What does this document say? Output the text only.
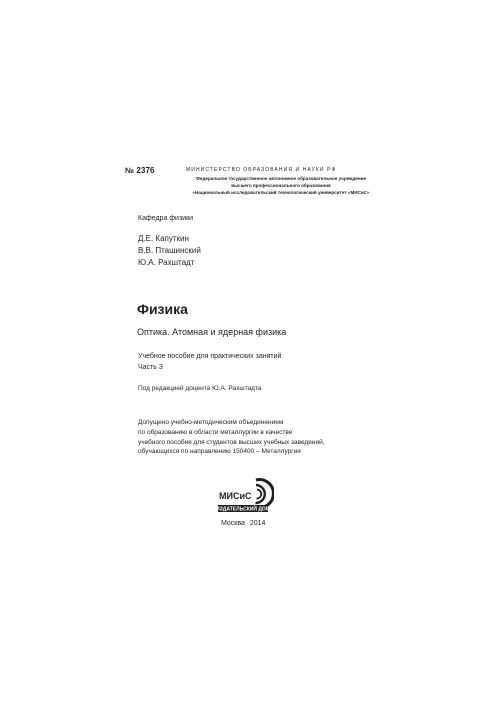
№ 2376	МИНИСТЕРСТВО ОБРАЗОВАНИЯ И НАУКИ РФ
Федеральное государственное автономное образовательное учреждение
высшего профессионального образования
«Национальный исследовательский технологический университет «МИСиС»
Кафедра физики
Д.Е. Капуткин
В.В. Пташинский
Ю.А. Рахштадт
Физика
Оптика. Атомная и ядерная физика
Учебное пособие для практических занятий
Часть 3
Под редакцией доцента Ю.А. Рахштадта
Допущено учебно-методическим объединением
по образованию в области металлургии в качестве
учебного пособия для студентов высших учебных заведений,
обучающихся по направлению 150400 – Металлургия
МИСиС
ИЗДАТЕЛЬСКИЙ ДОМ
Москва 2014
